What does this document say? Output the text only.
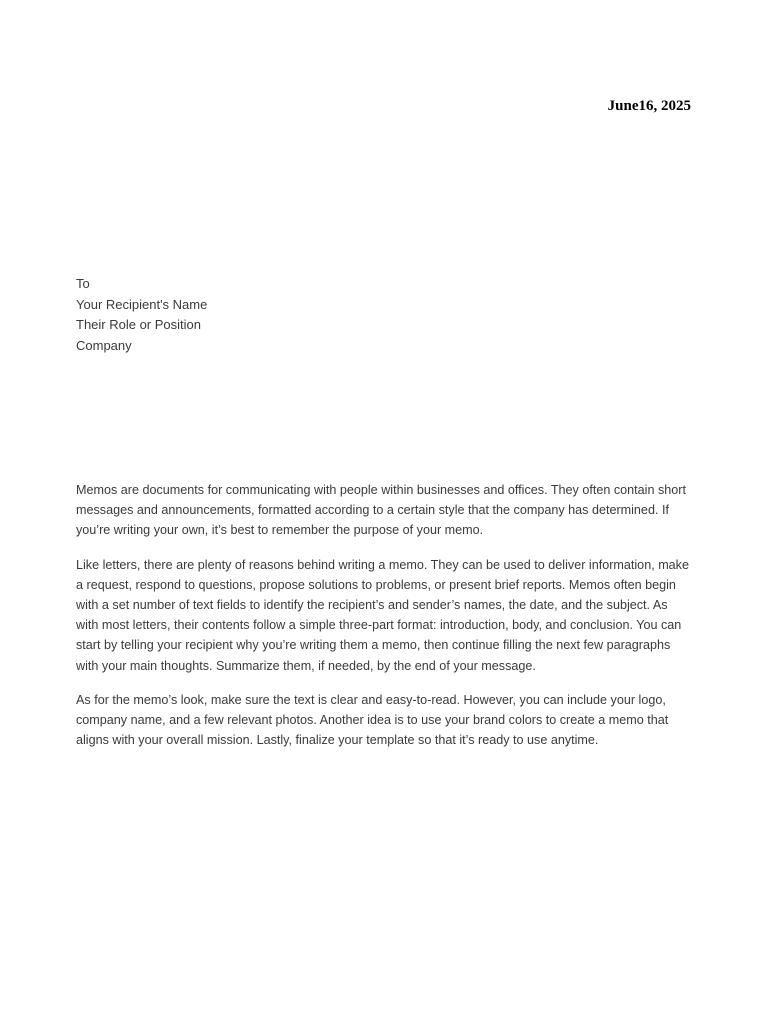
June16, 2025
To
Your Recipient's Name
Their Role or Position
Company

Memos are documents for communicating with people within businesses and offices. They often contain short messages and announcements, formatted according to a certain style that the company has determined. If you’re writing your own, it’s best to remember the purpose of your memo.

Like letters, there are plenty of reasons behind writing a memo. They can be used to deliver information, make a request, respond to questions, propose solutions to problems, or present brief reports. Memos often begin with a set number of text fields to identify the recipient’s and sender’s names, the date, and the subject. As with most letters, their contents follow a simple three-part format: introduction, body, and conclusion. You can start by telling your recipient why you’re writing them a memo, then continue filling the next few paragraphs with your main thoughts. Summarize them, if needed, by the end of your message.

As for the memo’s look, make sure the text is clear and easy-to-read. However, you can include your logo, company name, and a few relevant photos. Another idea is to use your brand colors to create a memo that aligns with your overall mission. Lastly, finalize your template so that it’s ready to use anytime.
